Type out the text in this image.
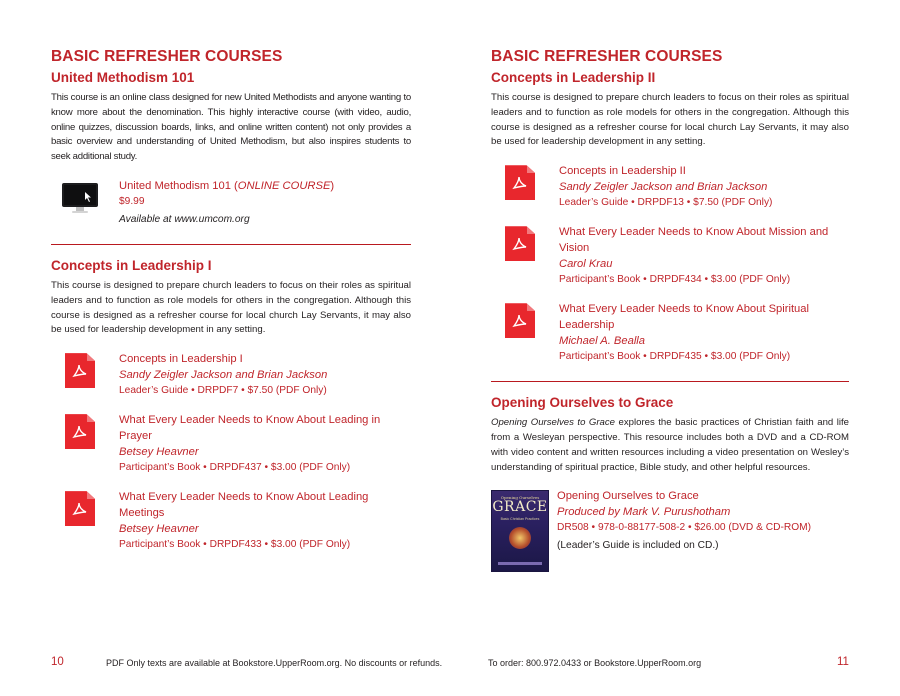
BASIC REFRESHER COURSES
United Methodism 101

This course is an online class designed for new United Methodists and anyone wanting to know more about the denomination. This highly interactive course (with video, audio, online quizzes, discussion boards, links, and online written content) not only provides a basic overview and understanding of United Methodism, but also inspires students to seek additional study.

United Methodism 101 (ONLINE COURSE)
$9.99
Available at www.umcom.org
Concepts in Leadership I

This course is designed to prepare church leaders to focus on their roles as spiritual leaders and to function as role models for others in the congregation. Although this course is designed as a refresher course for local church Lay Servants, it may also be used for leadership development in any setting.

Concepts in Leadership I
Sandy Zeigler Jackson and Brian Jackson
Leader’s Guide • DRPDF7 • $7.50 (PDF Only)
What Every Leader Needs to Know About Leading in Prayer
Betsey Heavner
Participant’s Book • DRPDF437 • $3.00 (PDF Only)
What Every Leader Needs to Know About Leading Meetings
Betsey Heavner
Participant’s Book • DRPDF433 • $3.00 (PDF Only)
10	PDF Only texts are available at Bookstore.UpperRoom.org. No discounts or refunds.
BASIC REFRESHER COURSES
Concepts in Leadership II

This course is designed to prepare church leaders to focus on their roles as spiritual leaders and to function as role models for others in the congregation. Although this course is designed as a refresher course for local church Lay Servants, it may also be used for leadership development in any setting.

Concepts in Leadership II
Sandy Zeigler Jackson and Brian Jackson
Leader’s Guide • DRPDF13 • $7.50 (PDF Only)
What Every Leader Needs to Know About Mission and Vision
Carol Krau
Participant’s Book • DRPDF434 • $3.00 (PDF Only)
What Every Leader Needs to Know About Spiritual Leadership
Michael A. Bealla
Participant’s Book • DRPDF435 • $3.00 (PDF Only)
Opening Ourselves to Grace

Opening Ourselves to Grace explores the basic practices of Christian faith and life from a Wesleyan perspective. This resource includes both a DVD and a CD-ROM with video content and written resources including a video presentation on Wesley’s understanding of spiritual practice, Bible study, and other helpful resources.

Opening Ourselves
GRACE
Basic Christian Practices
Opening Ourselves to Grace
Produced by Mark V. Purushotham
DR508 • 978-0-88177-508-2 • $26.00 (DVD & CD-ROM)
(Leader’s Guide is included on CD.)
To order: 800.972.0433 or Bookstore.UpperRoom.org	11
